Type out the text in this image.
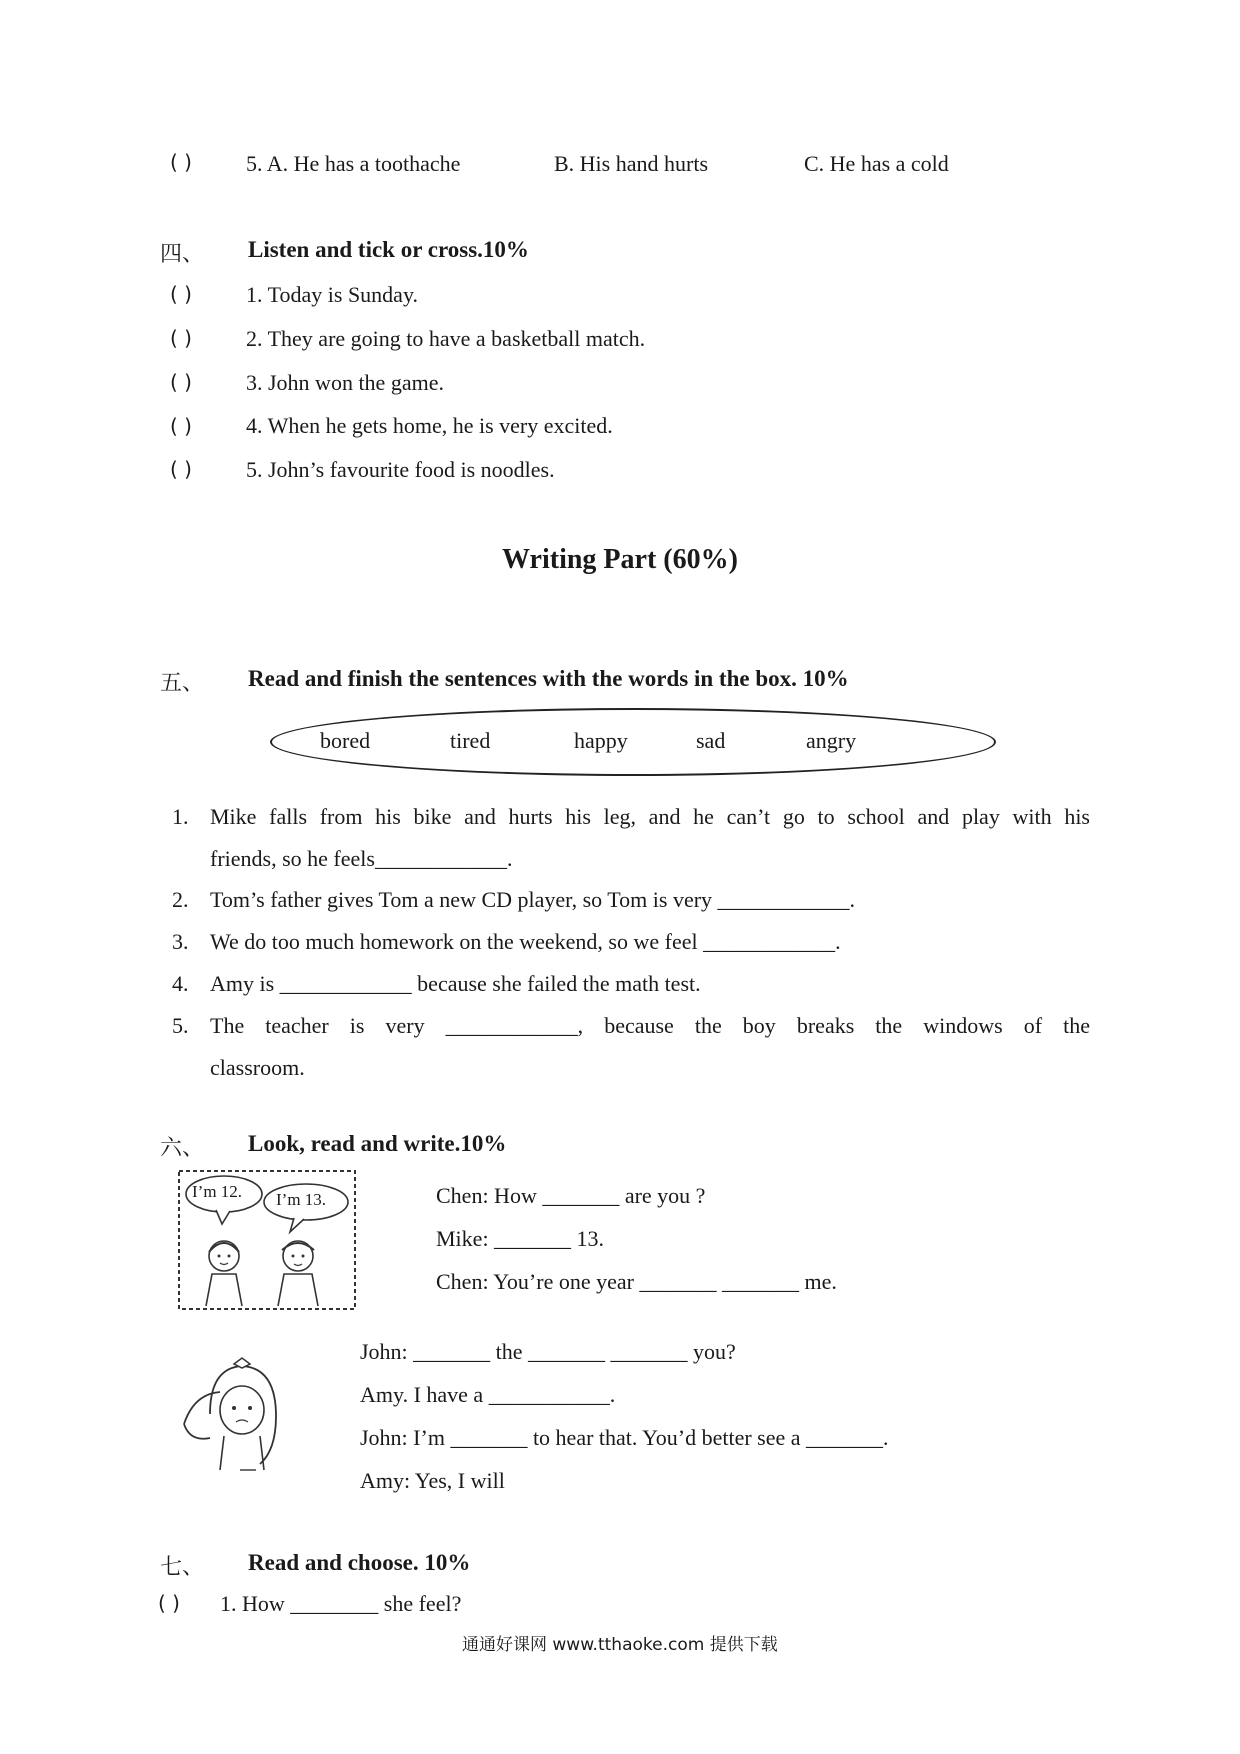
( ) 5. A. He has a toothache	B. His hand hurts	C. He has a cold
四、 Listen and tick or cross.10%
( ) 1. Today is Sunday.
( ) 2. They are going to have a basketball match.
( ) 3. John won the game.
( ) 4. When he gets home, he is very excited.
( ) 5. John’s favourite food is noodles.
Writing Part (60%)
五、 Read and finish the sentences with the words in the box. 10%
bored	tired	happy	sad	angry
1. Mike falls from his bike and hurts his leg, and he can’t go to school and play with his
friends, so he feels____________.
2. Tom’s father gives Tom a new CD player, so Tom is very ____________.
3. We do too much homework on the weekend, so we feel ____________.
4. Amy is ____________ because she failed the math test.
5. The teacher is very ____________, because the boy breaks the windows of the
classroom.
六、 Look, read and write.10%
I’m 12. I’m 13.	Chen: How _______ are you ?
Mike: _______ 13.
Chen: You’re one year _______ _______ me.
John: _______ the _______ _______ you?
Amy. I have a ___________.
John: I’m _______ to hear that. You’d better see a _______.
Amy: Yes, I will
七、 Read and choose. 10%
( ) 1. How ________ she feel?
通通好课网 www.tthaoke.com 提供下载
